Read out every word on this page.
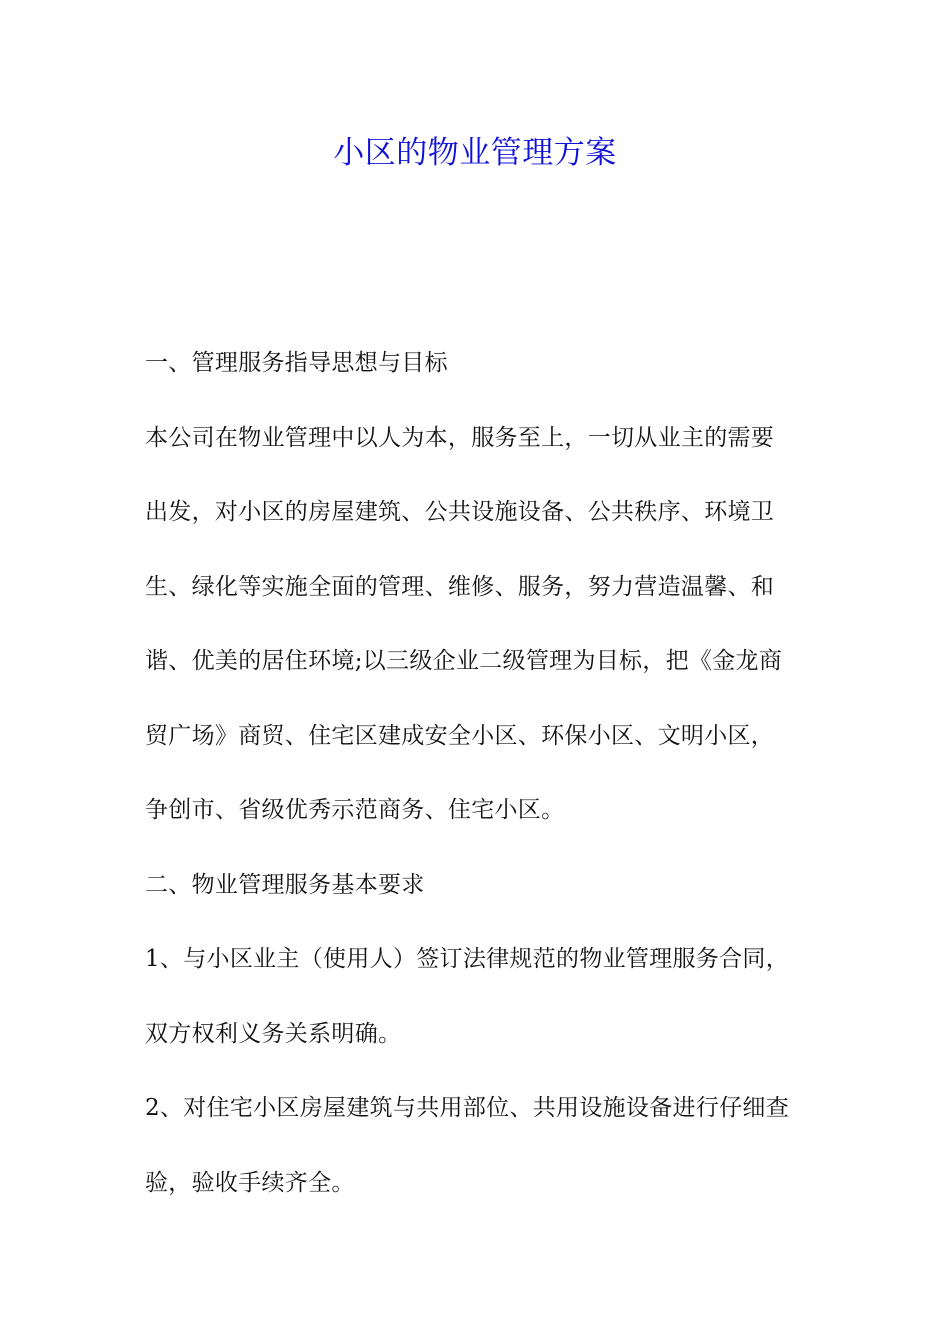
小区的物业管理方案
一、管理服务指导思想与目标
本公司在物业管理中以人为本，服务至上，一切从业主的需要
出发，对小区的房屋建筑、公共设施设备、公共秩序、环境卫
生、绿化等实施全面的管理、维修、服务，努力营造温馨、和
谐、优美的居住环境;以三级企业二级管理为目标，把《金龙商
贸广场》商贸、住宅区建成安全小区、环保小区、文明小区，
争创市、省级优秀示范商务、住宅小区。
二、物业管理服务基本要求
1、与小区业主（使用人）签订法律规范的物业管理服务合同，
双方权利义务关系明确。
2、对住宅小区房屋建筑与共用部位、共用设施设备进行仔细查
验，验收手续齐全。
